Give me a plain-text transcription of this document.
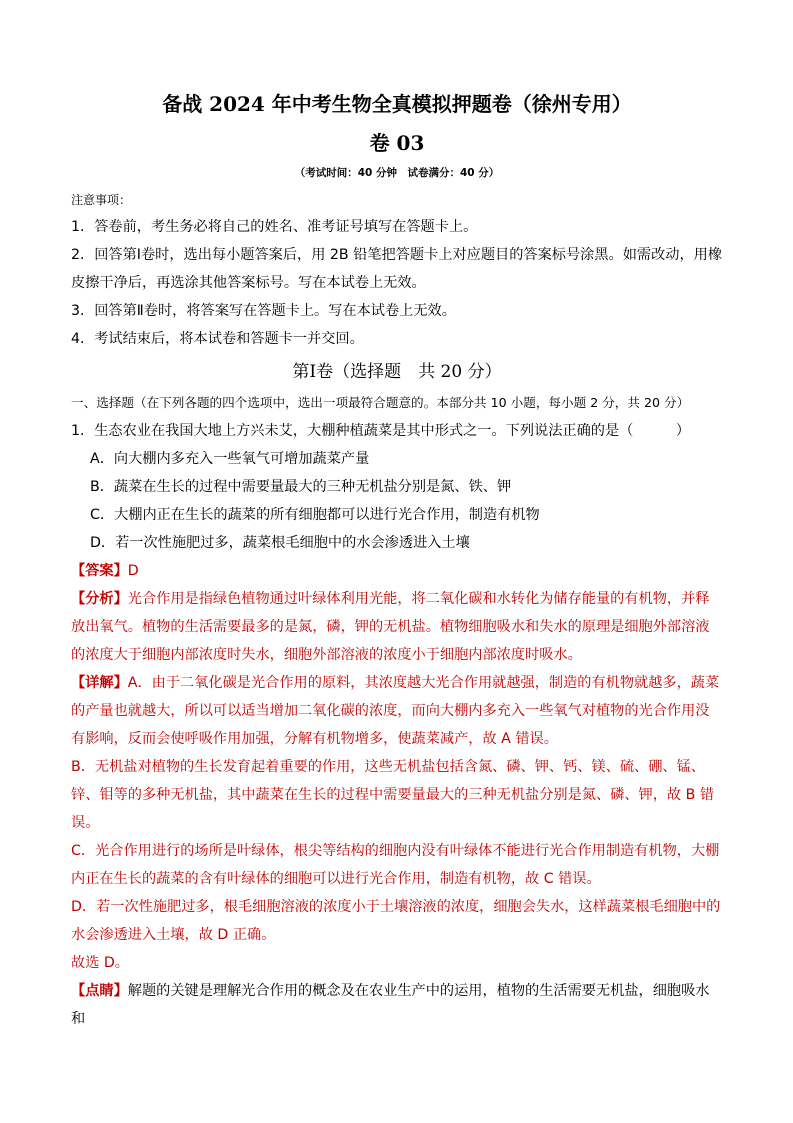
备战 2024 年中考生物全真模拟押题卷（徐州专用）

卷 03

（考试时间：40 分钟　试卷满分：40 分）

注意事项：

1．答卷前，考生务必将自己的姓名、准考证号填写在答题卡上。

2．回答第Ⅰ卷时，选出每小题答案后，用 2B 铅笔把答题卡上对应题目的答案标号涂黑。如需改动，用橡皮擦干净后，再选涂其他答案标号。写在本试卷上无效。

3．回答第Ⅱ卷时，将答案写在答题卡上。写在本试卷上无效。

4．考试结束后，将本试卷和答题卡一并交回。

第Ⅰ卷（选择题　共 20 分）

一、选择题（在下列各题的四个选项中，选出一项最符合题意的。本部分共 10 小题，每小题 2 分，共 20 分）

1．生态农业在我国大地上方兴未艾，大棚种植蔬菜是其中形式之一。下列说法正确的是（　　　）

A．向大棚内多充入一些氧气可增加蔬菜产量

B．蔬菜在生长的过程中需要量最大的三种无机盐分别是氮、铁、钾

C．大棚内正在生长的蔬菜的所有细胞都可以进行光合作用，制造有机物

D．若一次性施肥过多，蔬菜根毛细胞中的水会渗透进入土壤

【答案】D

【分析】光合作用是指绿色植物通过叶绿体利用光能，将二氧化碳和水转化为储存能量的有机物，并释放出氧气。植物的生活需要最多的是氮，磷，钾的无机盐。植物细胞吸水和失水的原理是细胞外部溶液的浓度大于细胞内部浓度时失水，细胞外部溶液的浓度小于细胞内部浓度时吸水。

【详解】A．由于二氧化碳是光合作用的原料，其浓度越大光合作用就越强，制造的有机物就越多，蔬菜的产量也就越大，所以可以适当增加二氧化碳的浓度，而向大棚内多充入一些氧气对植物的光合作用没有影响，反而会使呼吸作用加强，分解有机物增多，使蔬菜减产，故 A 错误。

B．无机盐对植物的生长发育起着重要的作用，这些无机盐包括含氮、磷、钾、钙、镁、硫、硼、锰、锌、钼等的多种无机盐，其中蔬菜在生长的过程中需要量最大的三种无机盐分别是氮、磷、钾，故 B 错误。

C．光合作用进行的场所是叶绿体，根尖等结构的细胞内没有叶绿体不能进行光合作用制造有机物，大棚内正在生长的蔬菜的含有叶绿体的细胞可以进行光合作用，制造有机物，故 C 错误。

D．若一次性施肥过多，根毛细胞溶液的浓度小于土壤溶液的浓度，细胞会失水，这样蔬菜根毛细胞中的水会渗透进入土壤，故 D 正确。

故选 D。

【点睛】解题的关键是理解光合作用的概念及在农业生产中的运用，植物的生活需要无机盐，细胞吸水和
